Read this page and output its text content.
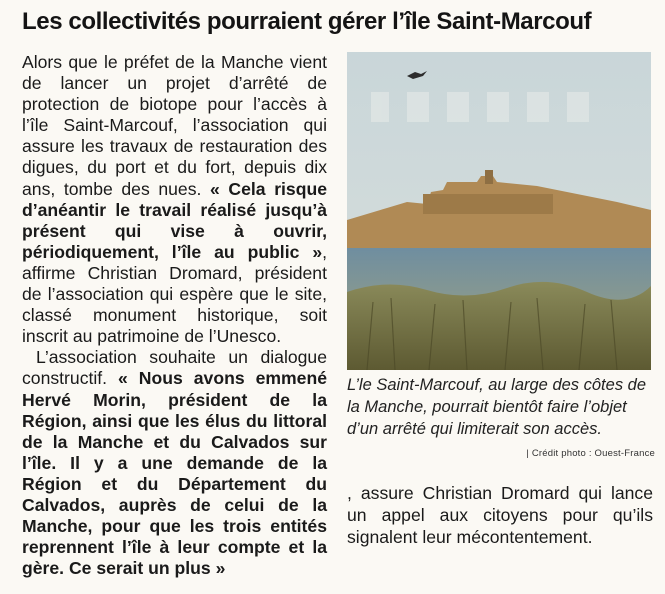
Les collectivités pourraient gérer l’île Saint-Marcouf

Alors que le préfet de la Manche vient de lancer un projet d’arrêté de protection de biotope pour l’accès à l’île Saint-Marcouf, l’association qui assure les travaux de restauration des digues, du port et du fort, depuis dix ans, tombe des nues. « Cela risque d’anéantir le travail réalisé jusqu’à présent qui vise à ouvrir, périodiquement, l’île au public », affirme Christian Dromard, président de l’association qui espère que le site, classé monument historique, soit inscrit au patrimoine de l’Unesco.

L’association souhaite un dialogue constructif. « Nous avons emmené Hervé Morin, président de la Région, ainsi que les élus du littoral de la Manche et du Calvados sur l’île. Il y a une demande de la Région et du Département du Calvados, auprès de celui de la Manche, pour que les trois entités reprennent l’île à leur compte et la gère. Ce serait un plus »

L’le Saint-Marcouf, au large des côtes de la Manche, pourrait bientôt faire l’objet d’un arrêté qui limiterait son accès.
| Crédit photo : Ouest-France

, assure Christian Dromard qui lance un appel aux citoyens pour qu’ils signalent leur mécontentement.
